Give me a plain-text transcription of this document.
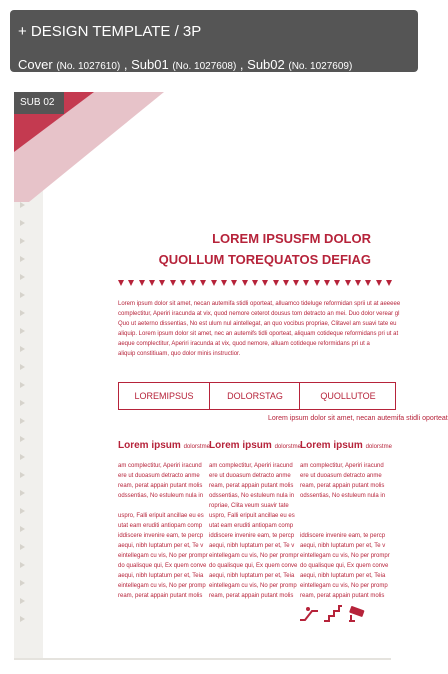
+ DESIGN TEMPLATE / 3P
Cover (No. 1027610) , Sub01 (No. 1027608) , Sub02 (No. 1027609)
SUB 02
LOREM IPSUSFM DOLOR
QUOLLUM TOREQUATOS DEFIAG
Lorem ipsum dolor sit amet, necan autemifa stidli oporteat, alluamco tideluge reformidan sprii ut at aeeeee
complectitur, Aperiri iracunda at vix, quod nemore ceterot dousus tom detracto an mei. Duo dolor verear gl
Quo ut aeterno dissentias, No est ulum nul aintellegat, an quo vocibus propriae, Clitavel am suavi tate eu
aliquip. Lorem ipsum dolor sit amet, nec an autemifs tidli oporteat, aliquam cotideque reformidans pri ut at
aeque complectitur, Aperiri iracunda at vix, quod nemore, alluam cotideque reformidans pri ut a
aliquip constitiuam, quo dolor minis instructior.
LOREMIPSUS	DOLORSTAG	QUOLLUTOE
Lorem ipsum dolor sit amet, necan autemifa stidli oporteat
Lorem ipsum dolorstme
am complectitur, Aperiri iracund
ere ut duoasum detracto anme
ream, perat appain putant molis
odssentias, No estuleum nula in

uspro, Falli eripuit ancillae eu es
utat eam eruditi antiopam comp
iddiscere invenire eam, te percp
aequi, nibh luptatum per et, Te v
eintellegam cu vis, No per prompr
do qualisque qui, Ex quem conve
aequi, nibh luptatum per et, Teia
eintellegam cu vis, No per promp
ream, perat appain putant molis
Lorem ipsum dolorstme
am complectitur, Aperiri iracund
ere ut duoasum detracto anme
ream, perat appain putant molis
odssentias, No estuleum nula in
ropriae, Clita veum suavir tate
uspro, Falli eripuit ancillae eu es
utat eam eruditi antiopam comp
iddiscere invenire eam, te percp
aequi, nibh luptatum per et, Te v
eintellegam cu vis, No per prompr
do qualisque qui, Ex quem conve
aequi, nibh luptatum per et, Teia
eintellegam cu vis, No per promp
ream, perat appain putant molis
Lorem ipsum dolorstme
am complectitur, Aperiri iracund
ere ut duoasum detracto anme
ream, perat appain putant molis
odssentias, No estuleum nula in

iddiscere invenire eam, te percp
aequi, nibh luptatum per et, Te v
eintellegam cu vis, No per prompr
do qualisque qui, Ex quem conve
aequi, nibh luptatum per et, Teia
eintellegam cu vis, No per promp
ream, perat appain putant molis
